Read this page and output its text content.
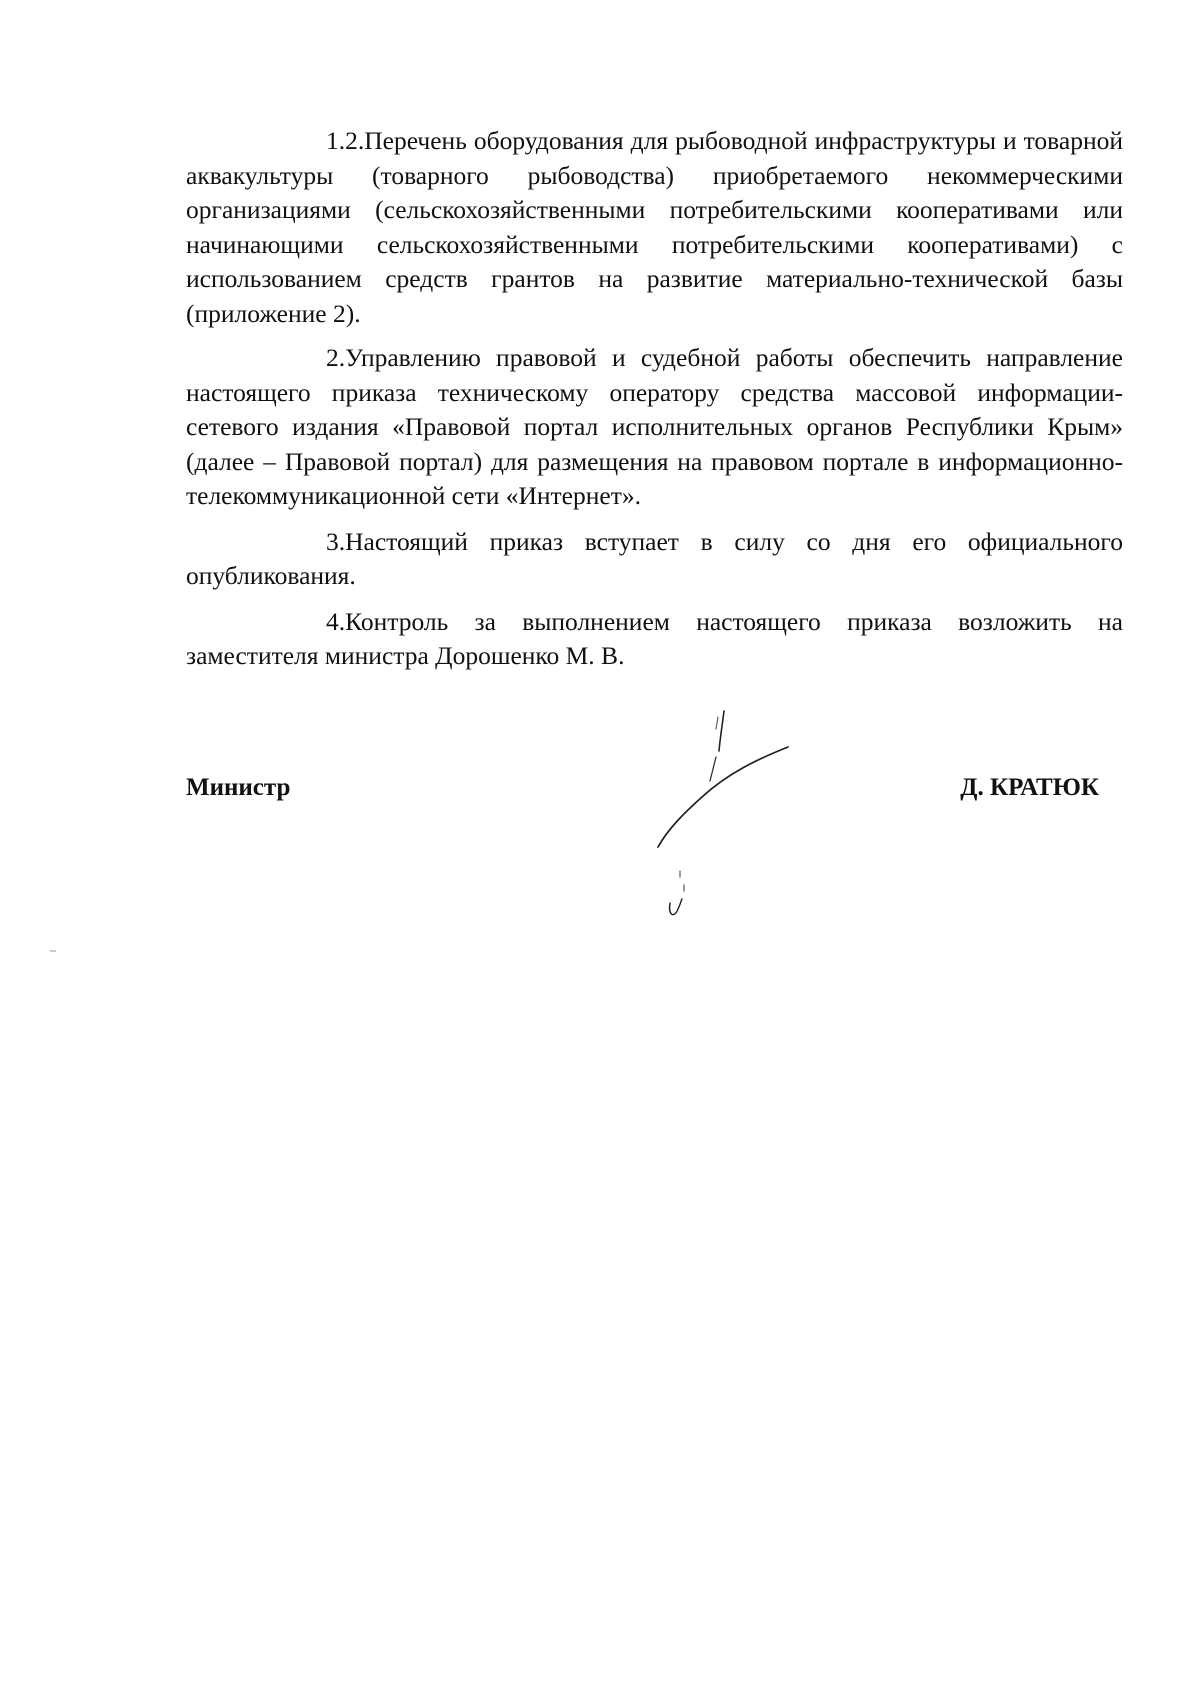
1.2.Перечень оборудования для рыбоводной инфраструктуры и товарной аквакультуры (товарного рыбоводства) приобретаемого некоммерческими организациями (сельскохозяйственными потребительскими кооперативами или начинающими сельскохозяйственными потребительскими кооперативами) с использованием средств грантов на развитие материально-технической базы (приложение 2).

2.Управлению правовой и судебной работы обеспечить направление настоящего приказа техническому оператору средства массовой информации-сетевого издания «Правовой портал исполнительных органов Республики Крым» (далее – Правовой портал) для размещения на правовом портале в информационно-телекоммуникационной сети «Интернет».

3.Настоящий приказ вступает в силу со дня его официального опубликования.

4.Контроль за выполнением настоящего приказа возложить на заместителя министра Дорошенко М. В.

Министр	Д. КРАТЮК
